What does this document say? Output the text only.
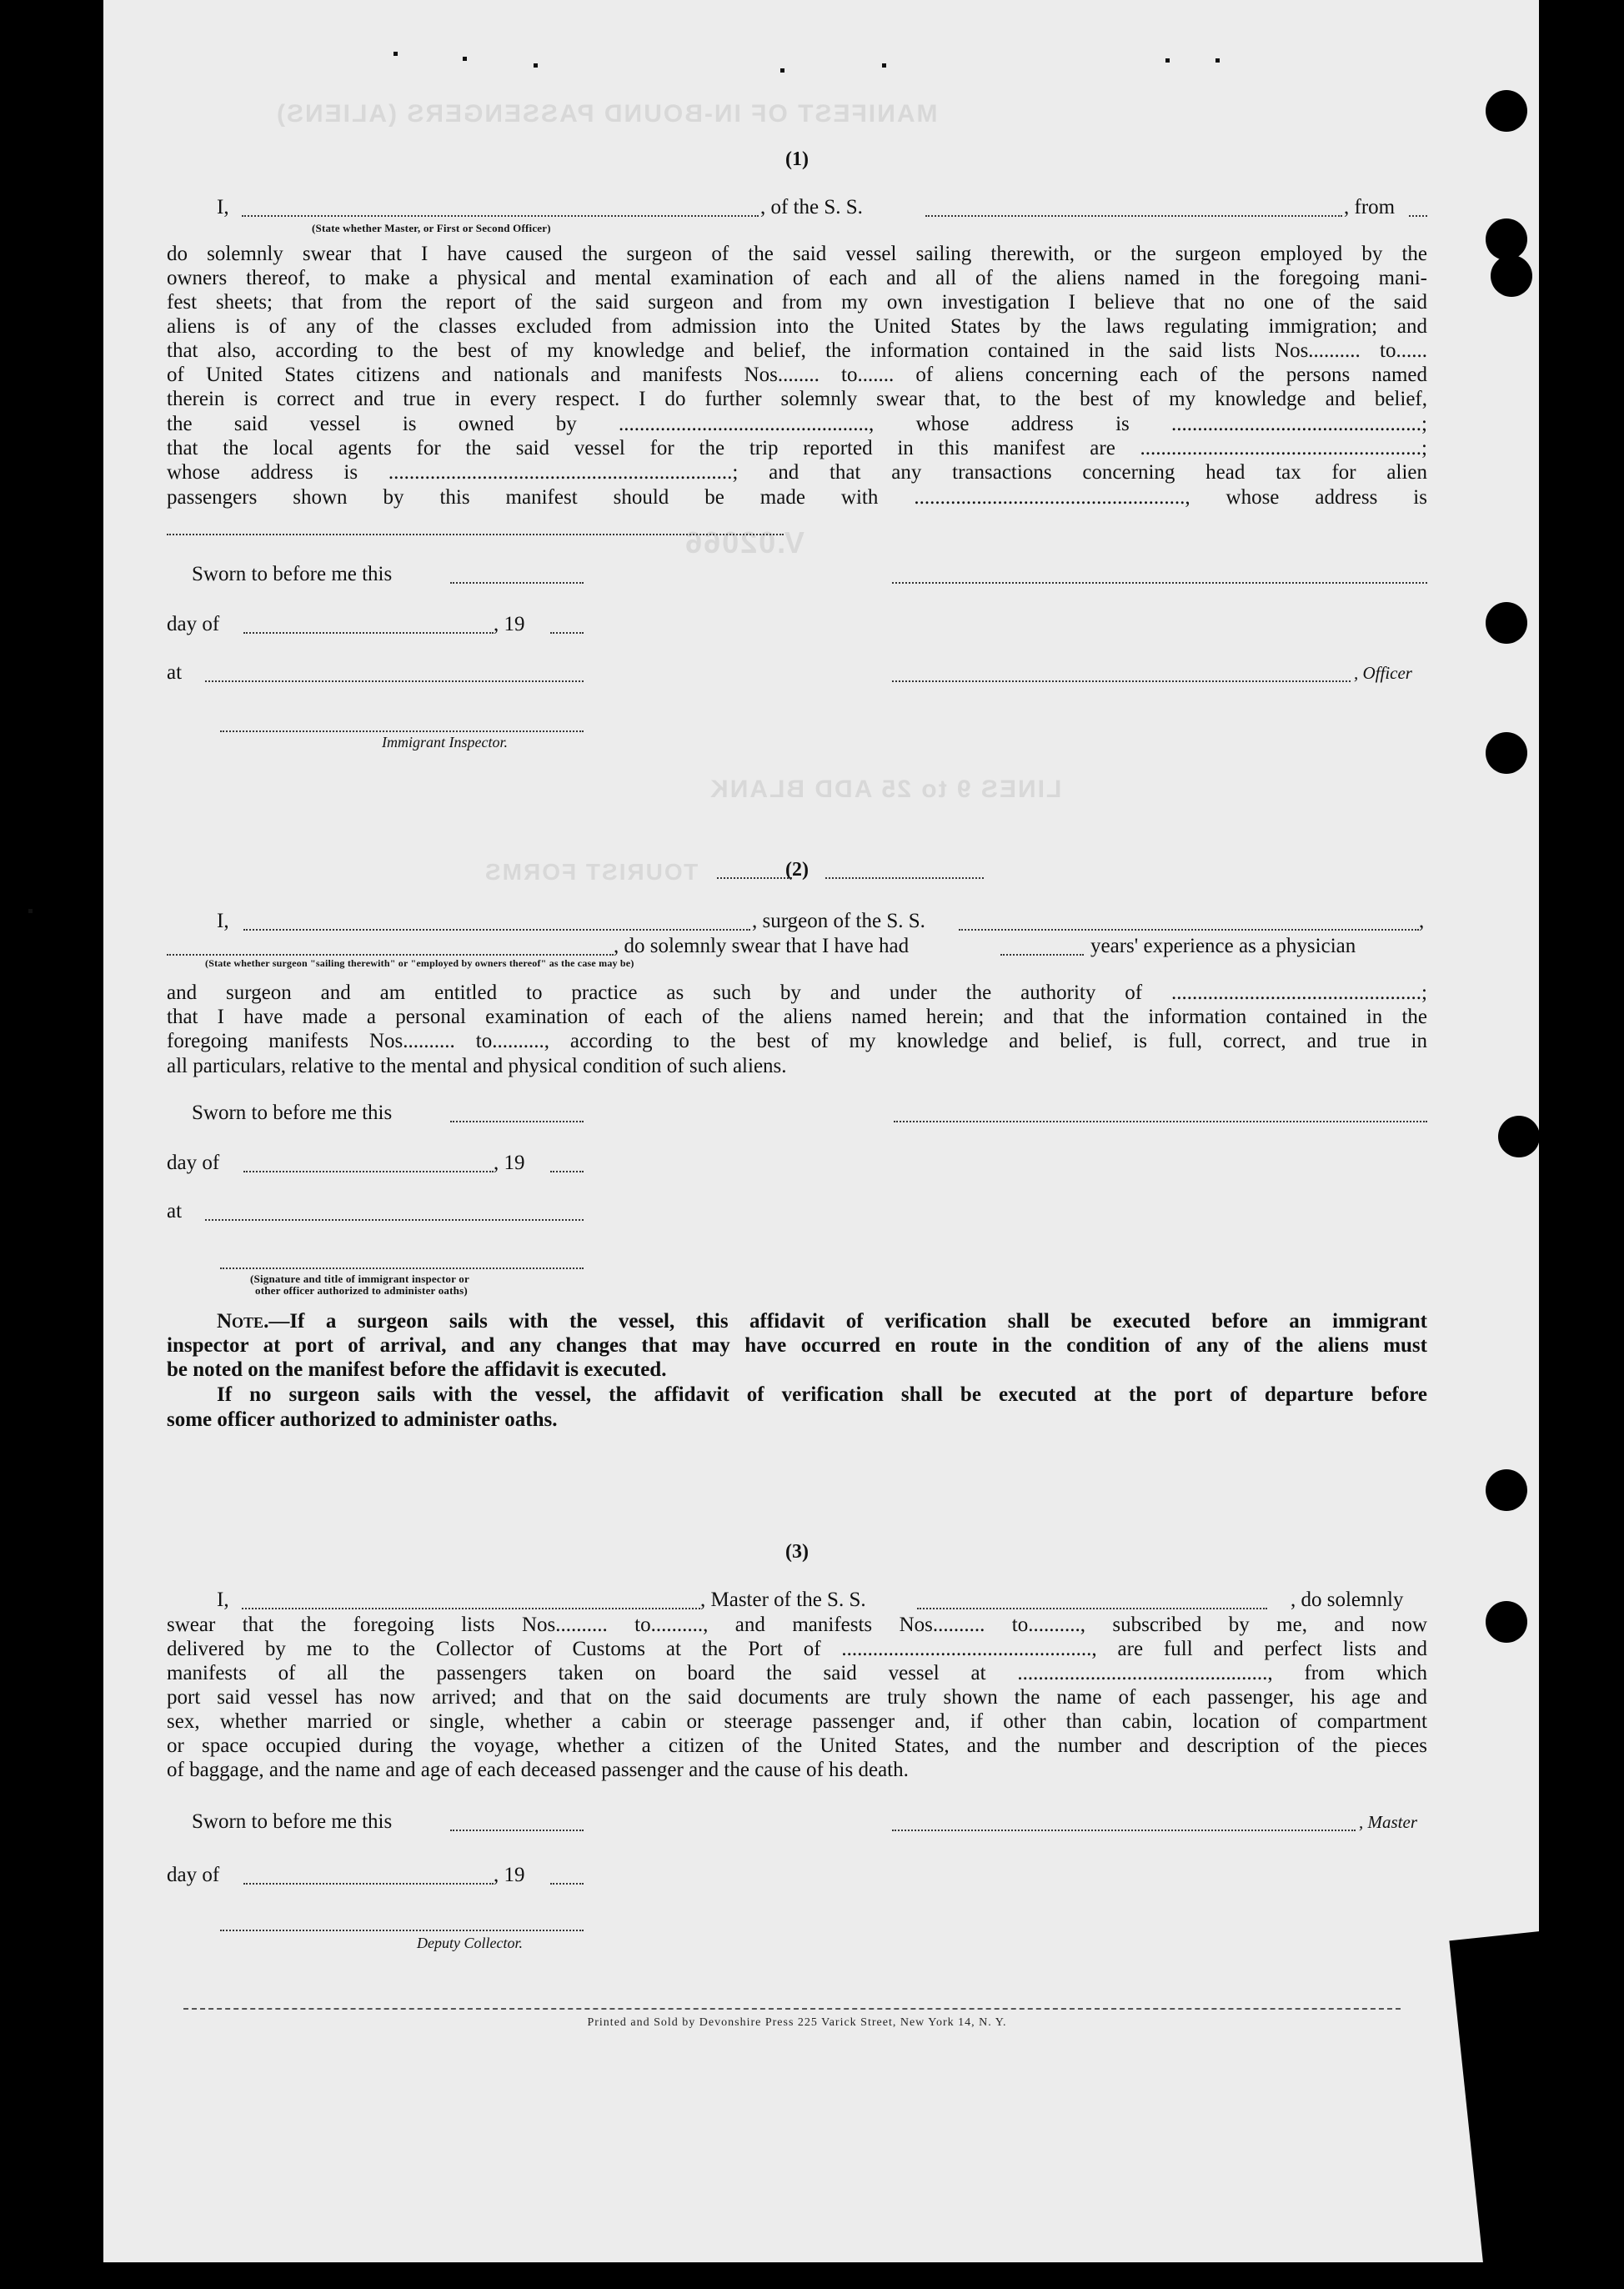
MANIFEST OF IN-BOUND PASSENGERS (ALIENS)
V.02066
LINES 9 to 25 ADD BLANK
TOURIST FORMS
(1)
I,	, of the S. S.	, from
(State whether Master, or First or Second Officer)
do solemnly swear that I have caused the surgeon of the said vessel sailing therewith, or the surgeon employed by the
owners thereof, to make a physical and mental examination of each and all of the aliens named in the foregoing mani-
fest sheets; that from the report of the said surgeon and from my own investigation I believe that no one of the said
aliens is of any of the classes excluded from admission into the United States by the laws regulating immigration; and
that also, according to the best of my knowledge and belief, the information contained in the said lists Nos.......... to......
of United States citizens and nationals and manifests Nos........ to....... of aliens concerning each of the persons named
therein is correct and true in every respect. I do further solemnly swear that, to the best of my knowledge and belief,
the said vessel is owned by ................................................, whose address is ................................................;
that the local agents for the said vessel for the trip reported in this manifest are ......................................................;
whose address is ..................................................................; and that any transactions concerning head tax for alien
passengers shown by this manifest should be made with ...................................................., whose address is
Sworn to before me this
day of	, 19
at	, Officer
Immigrant Inspector.
(2)
I,	, surgeon of the S. S.	,
, do solemnly swear that I have had	years' experience as a physician
(State whether surgeon "sailing therewith" or "employed by owners thereof" as the case may be)
and surgeon and am entitled to practice as such by and under the authority of ................................................;
that I have made a personal examination of each of the aliens named herein; and that the information contained in the
foregoing manifests Nos.......... to.........., according to the best of my knowledge and belief, is full, correct, and true in
all particulars, relative to the mental and physical condition of such aliens.
Sworn to before me this
day of	, 19
at
(Signature and title of immigrant inspector or
other officer authorized to administer oaths)
Note.—If a surgeon sails with the vessel, this affidavit of verification shall be executed before an immigrant
inspector at port of arrival, and any changes that may have occurred en route in the condition of any of the aliens must
be noted on the manifest before the affidavit is executed.
If no surgeon sails with the vessel, the affidavit of verification shall be executed at the port of departure before
some officer authorized to administer oaths.
(3)
I,	, Master of the S. S.	, do solemnly
swear that the foregoing lists Nos.......... to.........., and manifests Nos.......... to.........., subscribed by me, and now
delivered by me to the Collector of Customs at the Port of ................................................, are full and perfect lists and
manifests of all the passengers taken on board the said vessel at ................................................, from which
port said vessel has now arrived; and that on the said documents are truly shown the name of each passenger, his age and
sex, whether married or single, whether a cabin or steerage passenger and, if other than cabin, location of compartment
or space occupied during the voyage, whether a citizen of the United States, and the number and description of the pieces
of baggage, and the name and age of each deceased passenger and the cause of his death.
Sworn to before me this	, Master
day of	, 19
Deputy Collector.
Printed and Sold by Devonshire Press 225 Varick Street, New York 14, N. Y.
